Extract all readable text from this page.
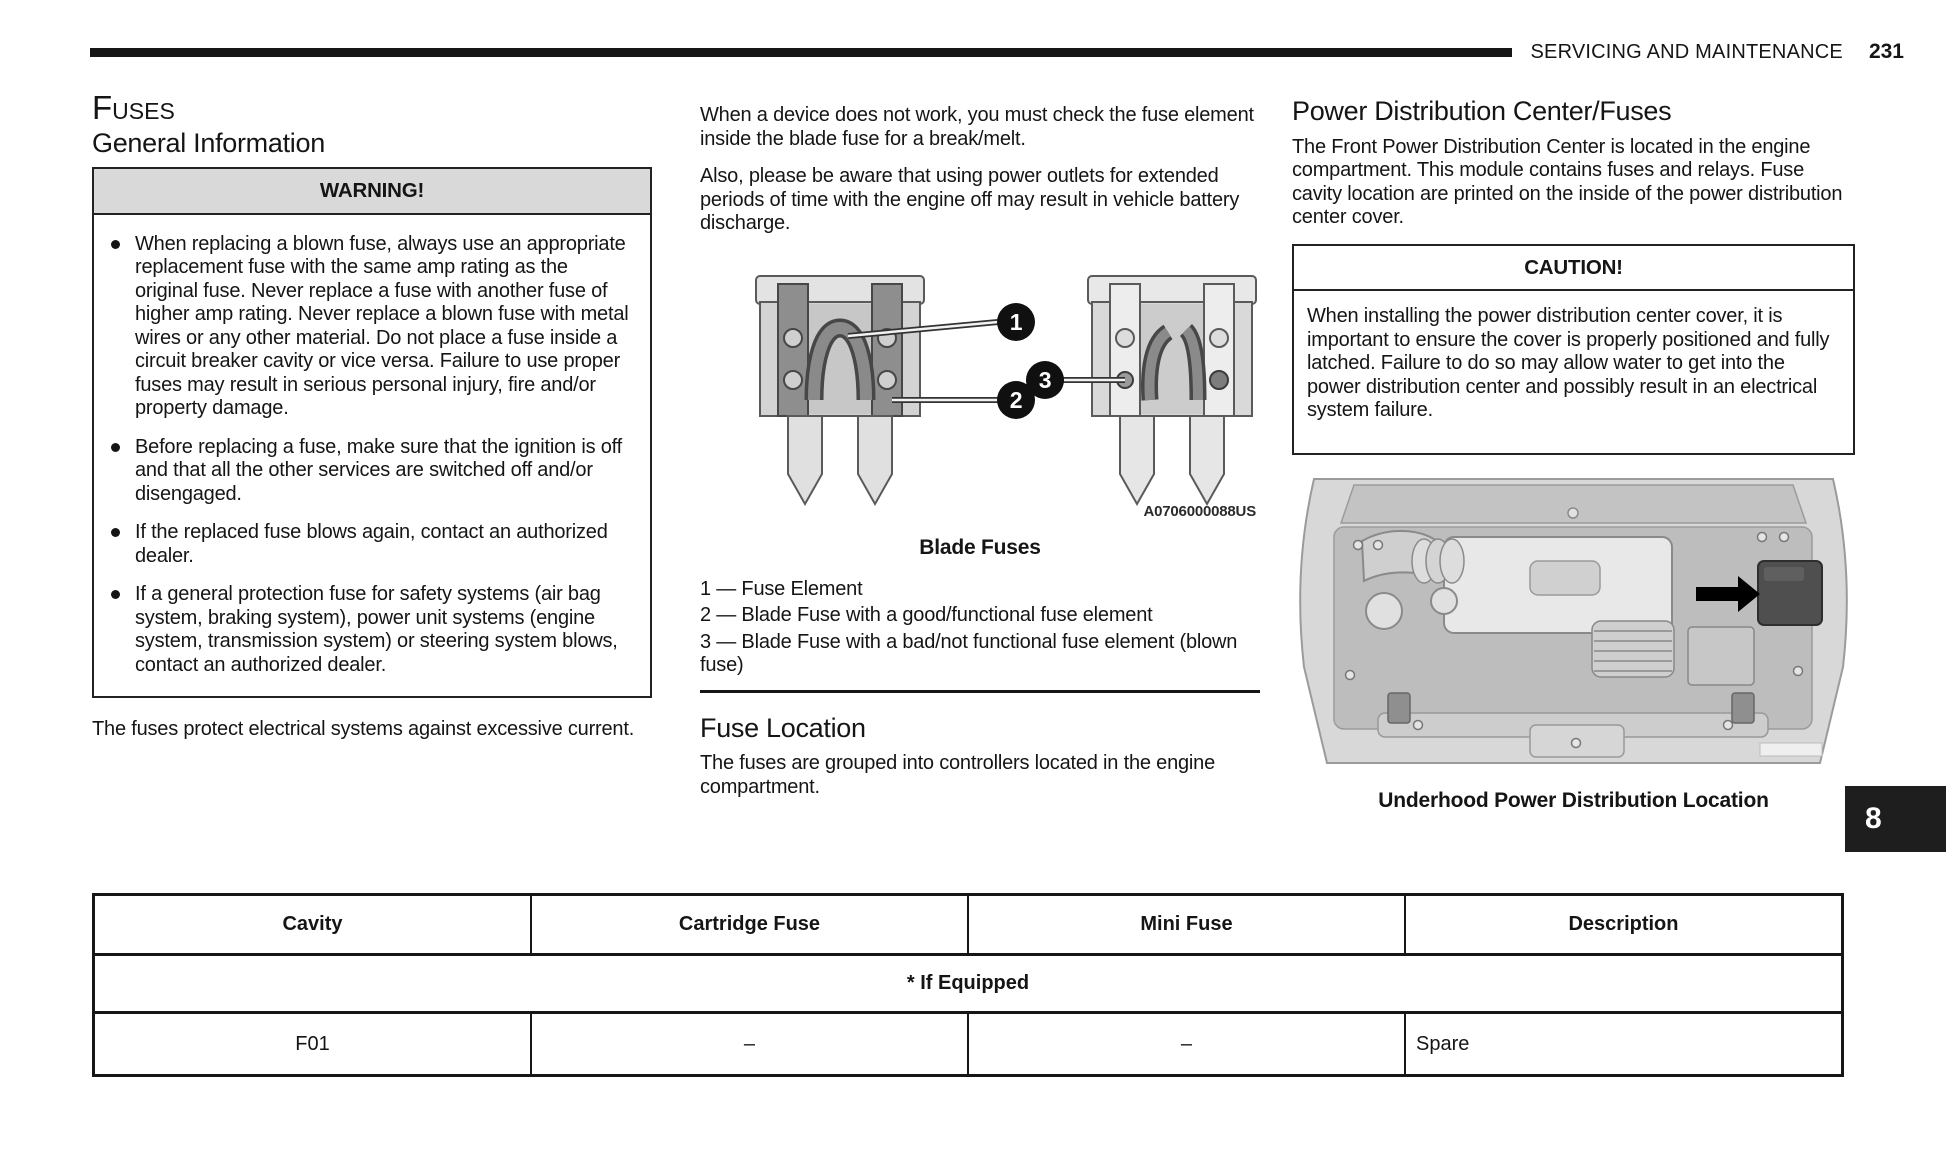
SERVICING AND MAINTENANCE 231
Fuses
General Information
WARNING!
When replacing a blown fuse, always use an appropriate replacement fuse with the same amp rating as the original fuse. Never replace a fuse with another fuse of higher amp rating. Never replace a blown fuse with metal wires or any other material. Do not place a fuse inside a circuit breaker cavity or vice versa. Failure to use proper fuses may result in serious personal injury, fire and/or property damage.
Before replacing a fuse, make sure that the ignition is off and that all the other services are switched off and/or disengaged.
If the replaced fuse blows again, contact an authorized dealer.
If a general protection fuse for safety systems (air bag system, braking system), power unit systems (engine system, transmission system) or steering system blows, contact an authorized dealer.

The fuses protect electrical systems against excessive current.

When a device does not work, you must check the fuse element inside the blade fuse for a break/melt.

Also, please be aware that using power outlets for extended periods of time with the engine off may result in vehicle battery discharge.

1
2
3
A0706000088US
Blade Fuses
1 — Fuse Element
2 — Blade Fuse with a good/functional fuse element
3 — Blade Fuse with a bad/not functional fuse element (blown fuse)
Fuse Location

The fuses are grouped into controllers located in the engine compartment.

Power Distribution Center/Fuses

The Front Power Distribution Center is located in the engine compartment. This module contains fuses and relays. Fuse cavity location are printed on the inside of the power distribution center cover.

CAUTION!

When installing the power distribution center cover, it is important to ensure the cover is properly positioned and fully latched. Failure to do so may allow water to get into the power distribution center and possibly result in an electrical system failure.

Underhood Power Distribution Location
8
Cavity	Cartridge Fuse	Mini Fuse	Description
* If Equipped			
F01	–	–	Spare
